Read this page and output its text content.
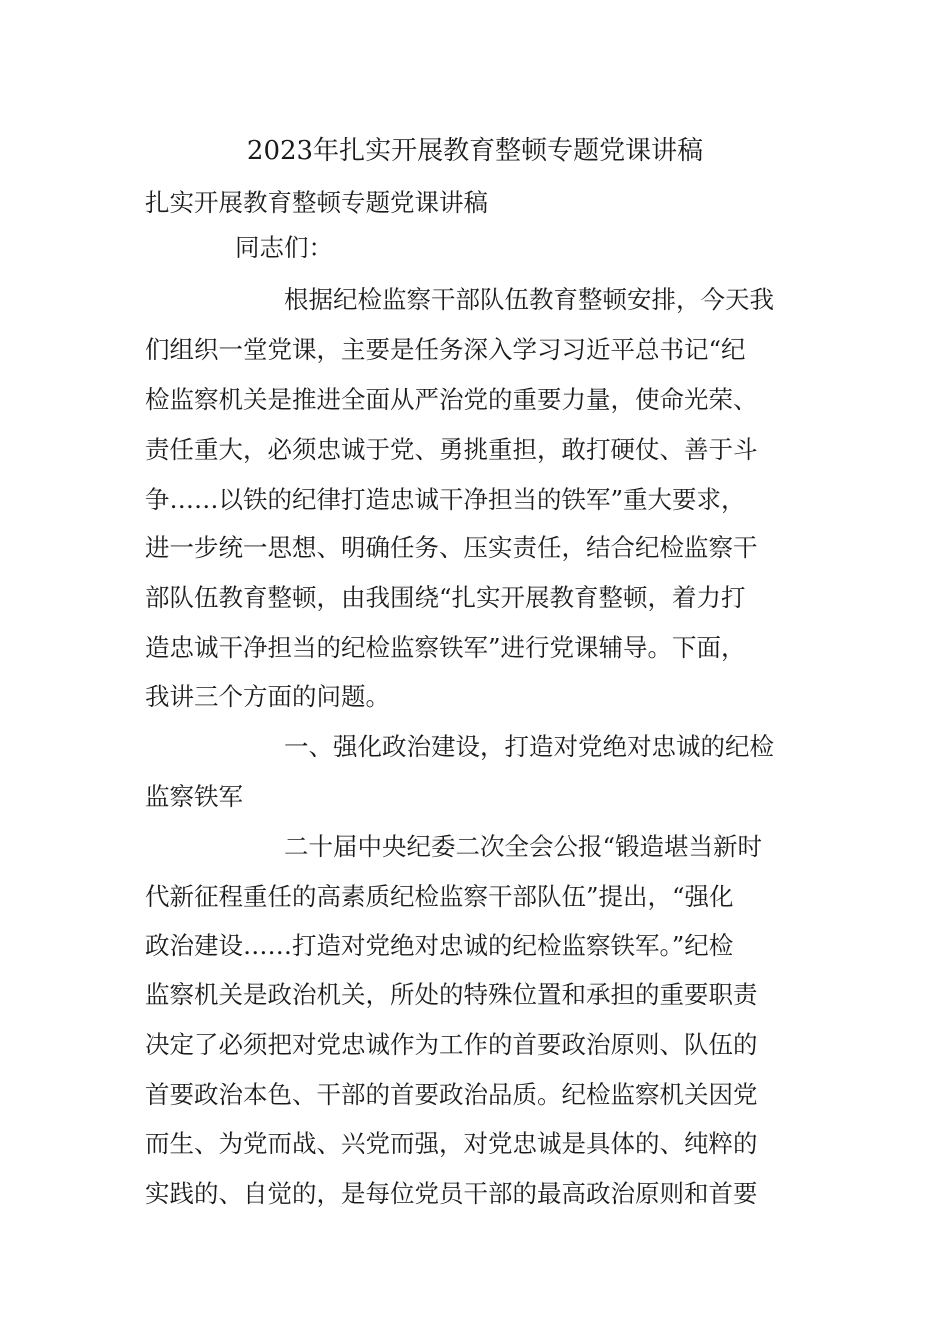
2023年扎实开展教育整顿专题党课讲稿
扎实开展教育整顿专题党课讲稿
同志们：
根据纪检监察干部队伍教育整顿安排，今天我
们组织一堂党课，主要是任务深入学习习近平总书记“纪
检监察机关是推进全面从严治党的重要力量，使命光荣、
责任重大，必须忠诚于党、勇挑重担，敢打硬仗、善于斗
争……以铁的纪律打造忠诚干净担当的铁军”重大要求，
进一步统一思想、明确任务、压实责任，结合纪检监察干
部队伍教育整顿，由我围绕“扎实开展教育整顿，着力打
造忠诚干净担当的纪检监察铁军”进行党课辅导。下面，
我讲三个方面的问题。
一、强化政治建设，打造对党绝对忠诚的纪检
监察铁军
二十届中央纪委二次全会公报“锻造堪当新时
代新征程重任的高素质纪检监察干部队伍”提出，“强化
政治建设……打造对党绝对忠诚的纪检监察铁军。”纪检
监察机关是政治机关，所处的特殊位置和承担的重要职责
决定了必须把对党忠诚作为工作的首要政治原则、队伍的
首要政治本色、干部的首要政治品质。纪检监察机关因党
而生、为党而战、兴党而强，对党忠诚是具体的、纯粹的
实践的、自觉的，是每位党员干部的最高政治原则和首要
